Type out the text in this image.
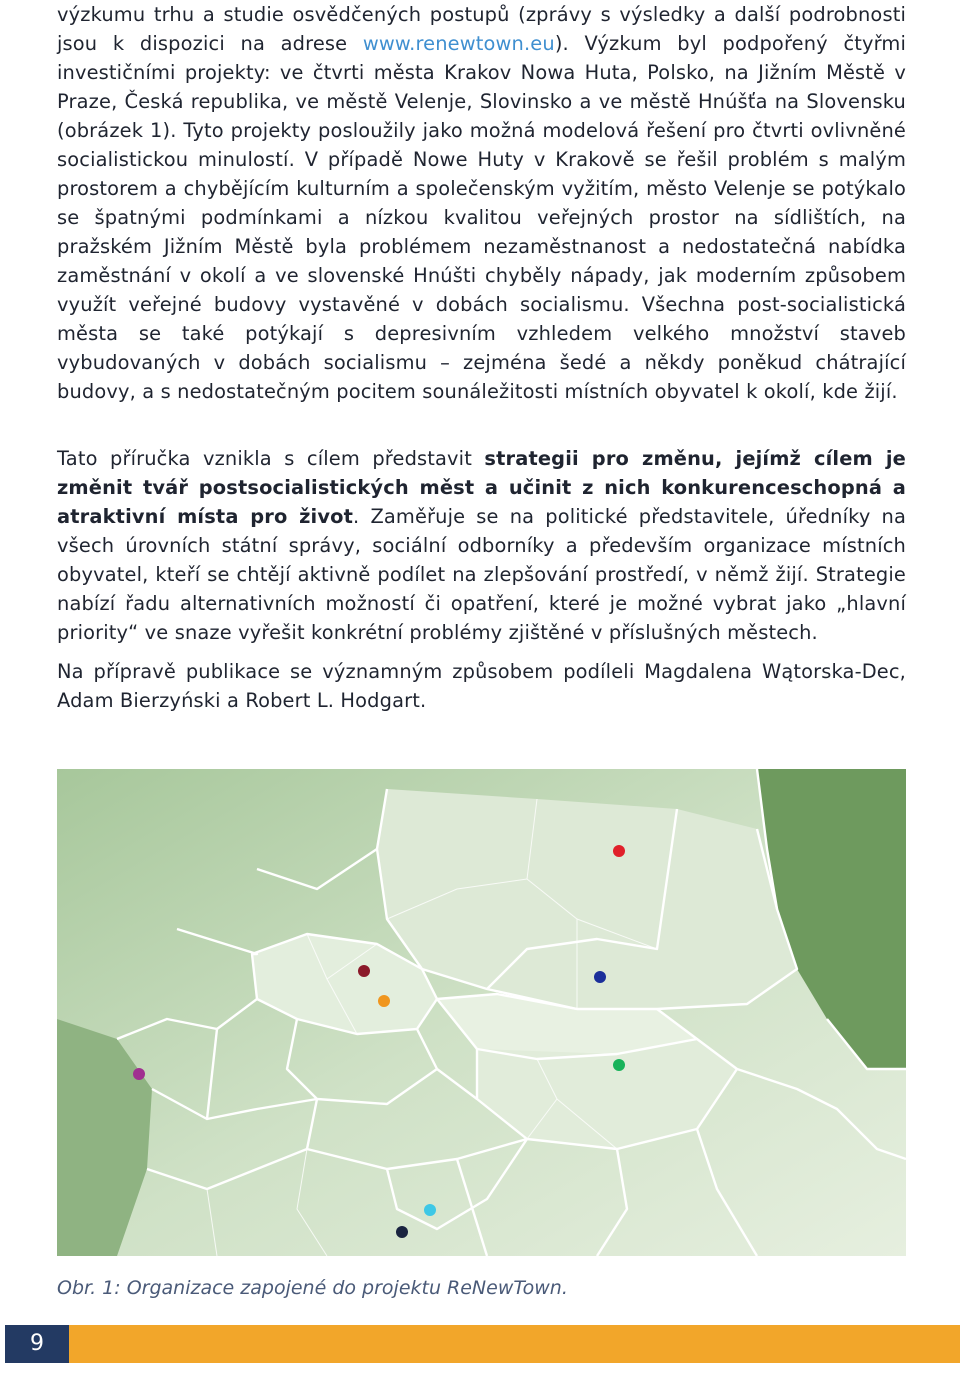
výzkumu trhu a studie osvědčených postupů (zprávy s výsledky a další podrobnosti jsou k dispozici na adrese www.renewtown.eu). Výzkum byl podpořený čtyřmi investičními projekty: ve čtvrti města Krakov Nowa Huta, Polsko, na Jižním Městě v Praze, Česká republika, ve městě Velenje, Slovinsko a ve městě Hnúšťa na Slovensku (obrázek 1). Tyto projekty posloužily jako možná modelová řešení pro čtvrti ovlivněné socialistickou minulostí. V případě Nowe Huty v Krakově se řešil problém s malým prostorem a chybějícím kulturním a společenským vyžitím, město Velenje se potýkalo se špatnými podmínkami a nízkou kvalitou veřejných prostor na sídlištích, na pražském Jižním Městě byla problémem nezaměstnanost a nedostatečná nabídka zaměstnání v okolí a ve slovenské Hnúšti chyběly nápady, jak moderním způsobem využít veřejné budovy vystavěné v dobách socialismu. Všechna post-socialistická města se také potýkají s depresivním vzhledem velkého množství staveb vybudovaných v dobách socialismu – zejména šedé a někdy poněkud chátrající budovy, a s nedostatečným pocitem sounáležitosti místních obyvatel k okolí, kde žijí.

Tato příručka vznikla s cílem představit strategii pro změnu, jejímž cílem je změnit tvář postsocialistických měst a učinit z nich konkurenceschopná a atraktivní místa pro život. Zaměřuje se na politické představitele, úředníky na všech úrovních státní správy, sociální odborníky a především organizace místních obyvatel, kteří se chtějí aktivně podílet na zlepšování prostředí, v němž žijí. Strategie nabízí řadu alternativních možností či opatření, které je možné vybrat jako „hlavní priority“ ve snaze vyřešit konkrétní problémy zjištěné v příslušných městech.

Na přípravě publikace se významným způsobem podíleli Magdalena Wątorska-Dec, Adam Bierzyński a Robert L. Hodgart.

Obr. 1: Organizace zapojené do projektu ReNewTown.
9
